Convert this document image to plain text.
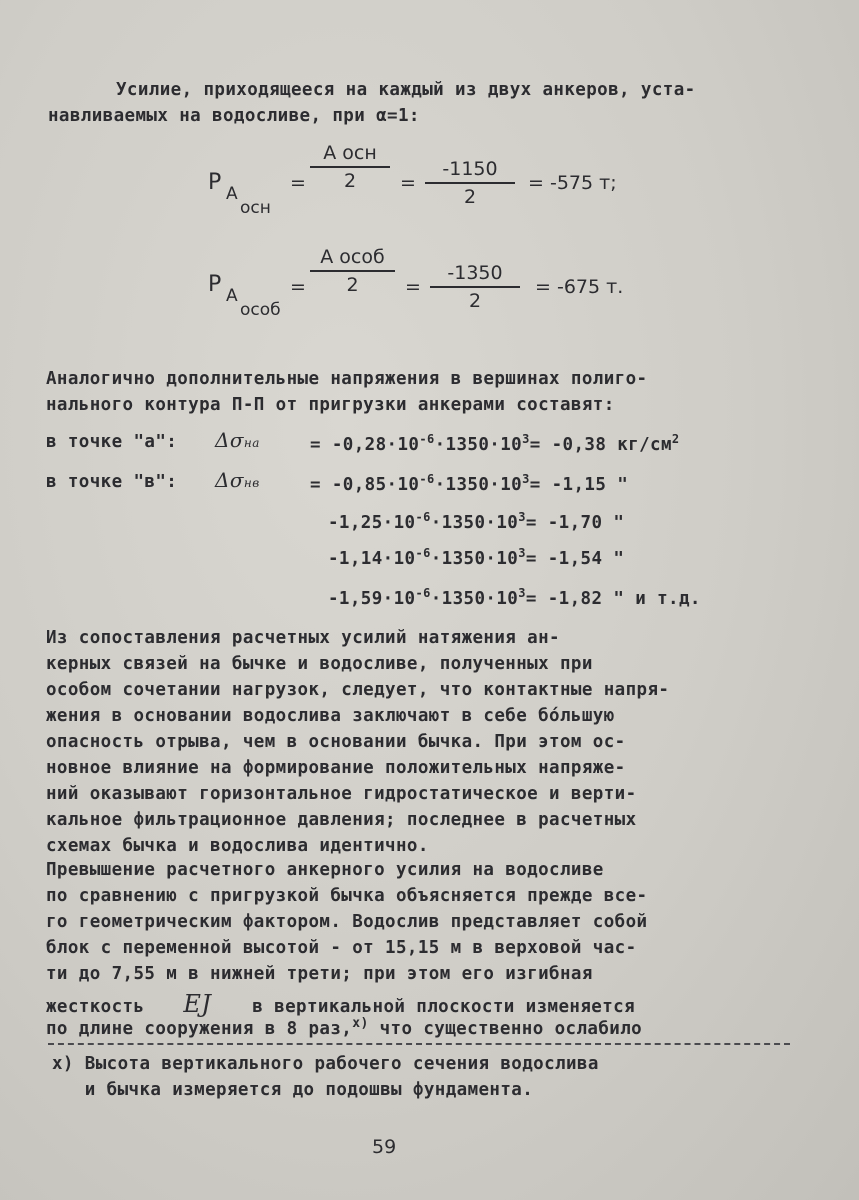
Усилие, приходящееся на каждый из двух анкеров, уста-
навливаемых на водосливе, при α=1:
P A
осн
=
A осн
2	= $\frac{-1150}{2} = -575$ т;
P A
особ
=
A особ
2	= $\frac{-1350}{2} = -675$ т.
Аналогично дополнительные напряжения в вершинах полиго-
нального контура П-П от пригрузки анкерами составят:
в точке "а": Δσна	= $-0,28\cdot 10^{-6}\cdot 1350\cdot 10^3= -0,38$ $кг/см^2$
в точке "в": Δσнв	= $-0,85\cdot 10^{-6}\cdot 1350\cdot 10^3= -1,15$ "
$-1,25\cdot 10^{-6}\cdot 1350\cdot 10^3= -1,70$ "
$-1,14\cdot 10^{-6}\cdot 1350\cdot 10^3= -1,54$ "
$-1,59\cdot 10^{-6}\cdot 1350\cdot 10^3= -1,82$ " и т.д.
Из сопоставления расчетных усилий натяжения ан-
керных связей на бычке и водосливе, полученных при
особом сочетании нагрузок, следует, что контактные напря-
жения в основании водослива заключают в себе бóльшую
опасность отрыва, чем в основании бычка. При этом ос-
новное влияние на формирование положительных напряже-
ний оказывают горизонтальное гидростатическое и верти-
кальное фильтрационное давления; последнее в расчетных
схемах бычка и водослива идентично.
Превышение расчетного анкерного усилия на водосливе
по сравнению с пригрузкой бычка объясняется прежде все-
го геометрическим фактором. Водослив представляет собой
блок с переменной высотой - от 15,15 м в верховой час-
ти до 7,55 м в нижней трети; при этом его изгибная
жесткость EJ в вертикальной плоскости изменяется
по длине сооружения в 8 раз,$^{x)}$ что существенно ослабило
x) Высота вертикального рабочего сечения водослива
и бычка измеряется до подошвы фундамента.
59
